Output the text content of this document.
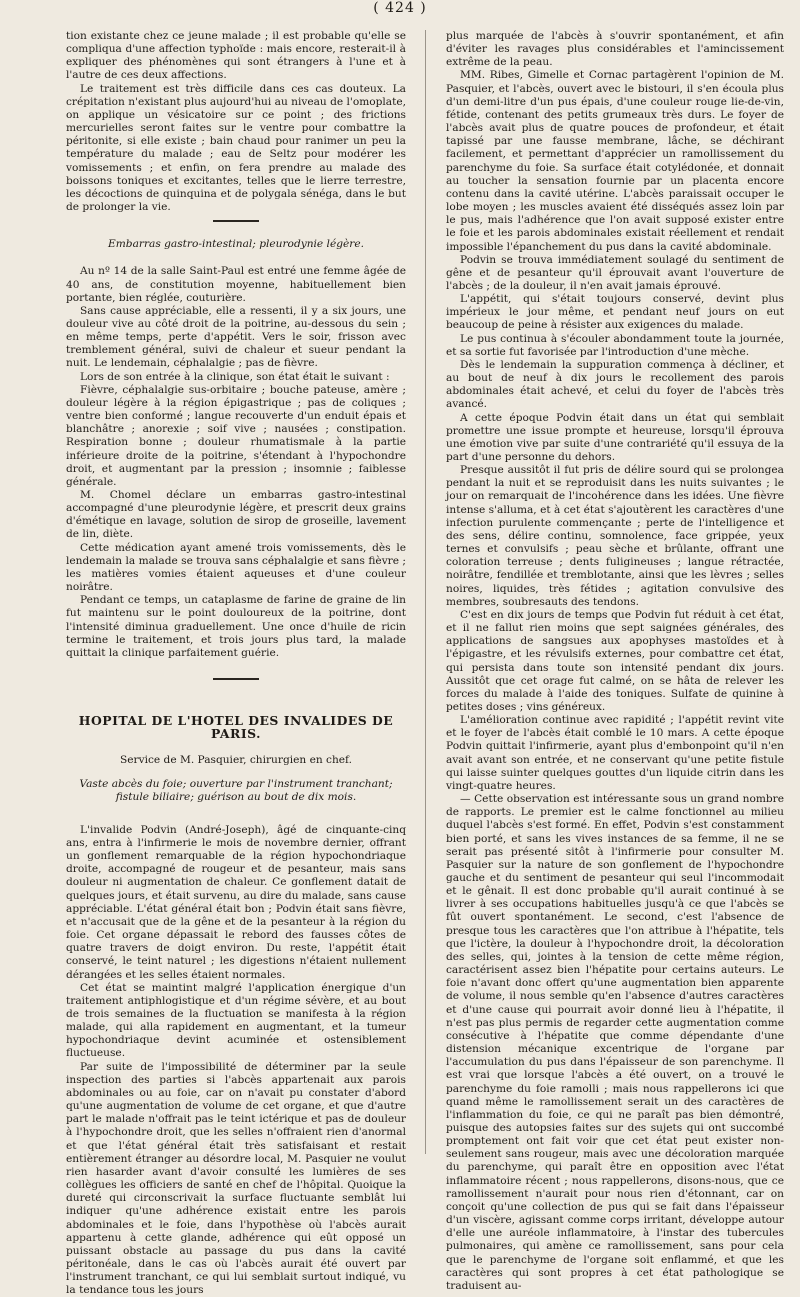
( 424 )

tion existante chez ce jeune malade ; il est probable qu'elle se compliqua d'une affection typhoïde : mais encore, resterait-il à expliquer des phénomènes qui sont étrangers à l'une et à l'autre de ces deux affections.

Le traitement est très difficile dans ces cas douteux. La crépitation n'existant plus aujourd'hui au niveau de l'omoplate, on applique un vésicatoire sur ce point ; des frictions mercurielles seront faites sur le ventre pour combattre la péritonite, si elle existe ; bain chaud pour ranimer un peu la température du malade ; eau de Seltz pour modérer les vomissements ; et enfin, on fera prendre au malade des boissons toniques et excitantes, telles que le lierre terrestre, les décoctions de quinquina et de polygala sénéga, dans le but de prolonger la vie.

Embarras gastro-intestinal; pleurodynie légère.

Au nº 14 de la salle Saint-Paul est entré une femme âgée de 40 ans, de constitution moyenne, habituellement bien portante, bien réglée, couturière.

Sans cause appréciable, elle a ressenti, il y a six jours, une douleur vive au côté droit de la poitrine, au-dessous du sein ; en même temps, perte d'appétit. Vers le soir, frisson avec tremblement général, suivi de chaleur et sueur pendant la nuit. Le lendemain, céphalalgie ; pas de fièvre.

Lors de son entrée à la clinique, son état était le suivant :

Fièvre, céphalalgie sus-orbitaire ; bouche pateuse, amère ; douleur légère à la région épigastrique ; pas de coliques ; ventre bien conformé ; langue recouverte d'un enduit épais et blanchâtre ; anorexie ; soif vive ; nausées ; constipation. Respiration bonne ; douleur rhumatismale à la partie inférieure droite de la poitrine, s'étendant à l'hypochondre droit, et augmentant par la pression ; insomnie ; faiblesse générale.

M. Chomel déclare un embarras gastro-intestinal accompagné d'une pleurodynie légère, et prescrit deux grains d'émétique en lavage, solution de sirop de groseille, lavement de lin, diète.

Cette médication ayant amené trois vomissements, dès le lendemain la malade se trouva sans céphalalgie et sans fièvre ; les matières vomies étaient aqueuses et d'une couleur noirâtre.

Pendant ce temps, un cataplasme de farine de graine de lin fut maintenu sur le point douloureux de la poitrine, dont l'intensité diminua graduellement. Une once d'huile de ricin termine le traitement, et trois jours plus tard, la malade quittait la clinique parfaitement guérie.

HOPITAL DE L'HOTEL DES INVALIDES DE PARIS.

Service de M. Pasquier, chirurgien en chef.

Vaste abcès du foie; ouverture par l'instrument tranchant; fistule biliaire; guérison au bout de dix mois.

L'invalide Podvin (André-Joseph), âgé de cinquante-cinq ans, entra à l'infirmerie le mois de novembre dernier, offrant un gonflement remarquable de la région hypochondriaque droite, accompagné de rougeur et de pesanteur, mais sans douleur ni augmentation de chaleur. Ce gonflement datait de quelques jours, et était survenu, au dire du malade, sans cause appréciable. L'état général était bon ; Podvin était sans fièvre, et n'accusait que de la gêne et de la pesanteur à la région du foie. Cet organe dépassait le rebord des fausses côtes de quatre travers de doigt environ. Du reste, l'appétit était conservé, le teint naturel ; les digestions n'étaient nullement dérangées et les selles étaient normales.

Cet état se maintint malgré l'application énergique d'un traitement antiphlogistique et d'un régime sévère, et au bout de trois semaines de la fluctuation se manifesta à la région malade, qui alla rapidement en augmentant, et la tumeur hypochondriaque devint acuminée et ostensiblement fluctueuse.

Par suite de l'impossibilité de déterminer par la seule inspection des parties si l'abcès appartenait aux parois abdominales ou au foie, car on n'avait pu constater d'abord qu'une augmentation de volume de cet organe, et que d'autre part le malade n'offrait pas le teint ictérique et pas de douleur à l'hypochondre droit, que les selles n'offraient rien d'anormal et que l'état général était très satisfaisant et restait entièrement étranger au désordre local, M. Pasquier ne voulut rien hasarder avant d'avoir consulté les lumières de ses collègues les officiers de santé en chef de l'hôpital. Quoique la dureté qui circonscrivait la surface fluctuante semblât lui indiquer qu'une adhérence existait entre les parois abdominales et le foie, dans l'hypothèse où l'abcès aurait appartenu à cette glande, adhérence qui eût opposé un puissant obstacle au passage du pus dans la cavité péritonéale, dans le cas où l'abcès aurait été ouvert par l'instrument tranchant, ce qui lui semblait surtout indiqué, vu la tendance tous les jours

plus marquée de l'abcès à s'ouvrir spontanément, et afin d'éviter les ravages plus considérables et l'amincissement extrême de la peau.

MM. Ribes, Gimelle et Cornac partagèrent l'opinion de M. Pasquier, et l'abcès, ouvert avec le bistouri, il s'en écoula plus d'un demi-litre d'un pus épais, d'une couleur rouge lie-de-vin, fétide, contenant des petits grumeaux très durs. Le foyer de l'abcès avait plus de quatre pouces de profondeur, et était tapissé par une fausse membrane, lâche, se déchirant facilement, et permettant d'apprécier un ramollissement du parenchyme du foie. Sa surface était cotylédonée, et donnait au toucher la sensation fournie par un placenta encore contenu dans la cavité utérine. L'abcès paraissait occuper le lobe moyen ; les muscles avaient été disséqués assez loin par le pus, mais l'adhérence que l'on avait supposé exister entre le foie et les parois abdominales existait réellement et rendait impossible l'épanchement du pus dans la cavité abdominale.

Podvin se trouva immédiatement soulagé du sentiment de gêne et de pesanteur qu'il éprouvait avant l'ouverture de l'abcès ; de la douleur, il n'en avait jamais éprouvé.

L'appétit, qui s'était toujours conservé, devint plus impérieux le jour même, et pendant neuf jours on eut beaucoup de peine à résister aux exigences du malade.

Le pus continua à s'écouler abondamment toute la journée, et sa sortie fut favorisée par l'introduction d'une mèche.

Dès le lendemain la suppuration commença à décliner, et au bout de neuf à dix jours le recollement des parois abdominales était achevé, et celui du foyer de l'abcès très avancé.

A cette époque Podvin était dans un état qui semblait promettre une issue prompte et heureuse, lorsqu'il éprouva une émotion vive par suite d'une contrariété qu'il essuya de la part d'une personne du dehors.

Presque aussitôt il fut pris de délire sourd qui se prolongea pendant la nuit et se reproduisit dans les nuits suivantes ; le jour on remarquait de l'incohérence dans les idées. Une fièvre intense s'alluma, et à cet état s'ajoutèrent les caractères d'une infection purulente commençante ; perte de l'intelligence et des sens, délire continu, somnolence, face grippée, yeux ternes et convulsifs ; peau sèche et brûlante, offrant une coloration terreuse ; dents fuligineuses ; langue rétractée, noirâtre, fendillée et tremblotante, ainsi que les lèvres ; selles noires, liquides, très fétides ; agitation convulsive des membres, soubresauts des tendons.

C'est en dix jours de temps que Podvin fut réduit à cet état, et il ne fallut rien moins que sept saignées générales, des applications de sangsues aux apophyses mastoïdes et à l'épigastre, et les révulsifs externes, pour combattre cet état, qui persista dans toute son intensité pendant dix jours. Aussitôt que cet orage fut calmé, on se hâta de relever les forces du malade à l'aide des toniques. Sulfate de quinine à petites doses ; vins généreux.

L'amélioration continue avec rapidité ; l'appétit revint vite et le foyer de l'abcès était comblé le 10 mars. A cette époque Podvin quittait l'infirmerie, ayant plus d'embonpoint qu'il n'en avait avant son entrée, et ne conservant qu'une petite fistule qui laisse suinter quelques gouttes d'un liquide citrin dans les vingt-quatre heures.

— Cette observation est intéressante sous un grand nombre de rapports. Le premier est le calme fonctionnel au milieu duquel l'abcès s'est formé. En effet, Podvin s'est constamment bien porté, et sans les vives instances de sa femme, il ne se serait pas présenté sitôt à l'infirmerie pour consulter M. Pasquier sur la nature de son gonflement de l'hypochondre gauche et du sentiment de pesanteur qui seul l'incommodait et le gênait. Il est donc probable qu'il aurait continué à se livrer à ses occupations habituelles jusqu'à ce que l'abcès se fût ouvert spontanément. Le second, c'est l'absence de presque tous les caractères que l'on attribue à l'hépatite, tels que l'ictère, la douleur à l'hypochondre droit, la décoloration des selles, qui, jointes à la tension de cette même région, caractérisent assez bien l'hépatite pour certains auteurs. Le foie n'avant donc offert qu'une augmentation bien apparente de volume, il nous semble qu'en l'absence d'autres caractères et d'une cause qui pourrait avoir donné lieu à l'hépatite, il n'est pas plus permis de regarder cette augmentation comme consécutive à l'hépatite que comme dépendante d'une distension mécanique excentrique de l'organe par l'accumulation du pus dans l'épaisseur de son parenchyme. Il est vrai que lorsque l'abcès a été ouvert, on a trouvé le parenchyme du foie ramolli ; mais nous rappellerons ici que quand même le ramollissement serait un des caractères de l'inflammation du foie, ce qui ne paraît pas bien démontré, puisque des autopsies faites sur des sujets qui ont succombé promptement ont fait voir que cet état peut exister non-seulement sans rougeur, mais avec une décoloration marquée du parenchyme, qui paraît être en opposition avec l'état inflammatoire récent ; nous rappellerons, disons-nous, que ce ramollissement n'aurait pour nous rien d'étonnant, car on conçoit qu'une collection de pus qui se fait dans l'épaisseur d'un viscère, agissant comme corps irritant, développe autour d'elle une auréole inflammatoire, à l'instar des tubercules pulmonaires, qui amène ce ramollissement, sans pour cela que le parenchyme de l'organe soit enflammé, et que les caractères qui sont propres à cet état pathologique se traduisent au-
